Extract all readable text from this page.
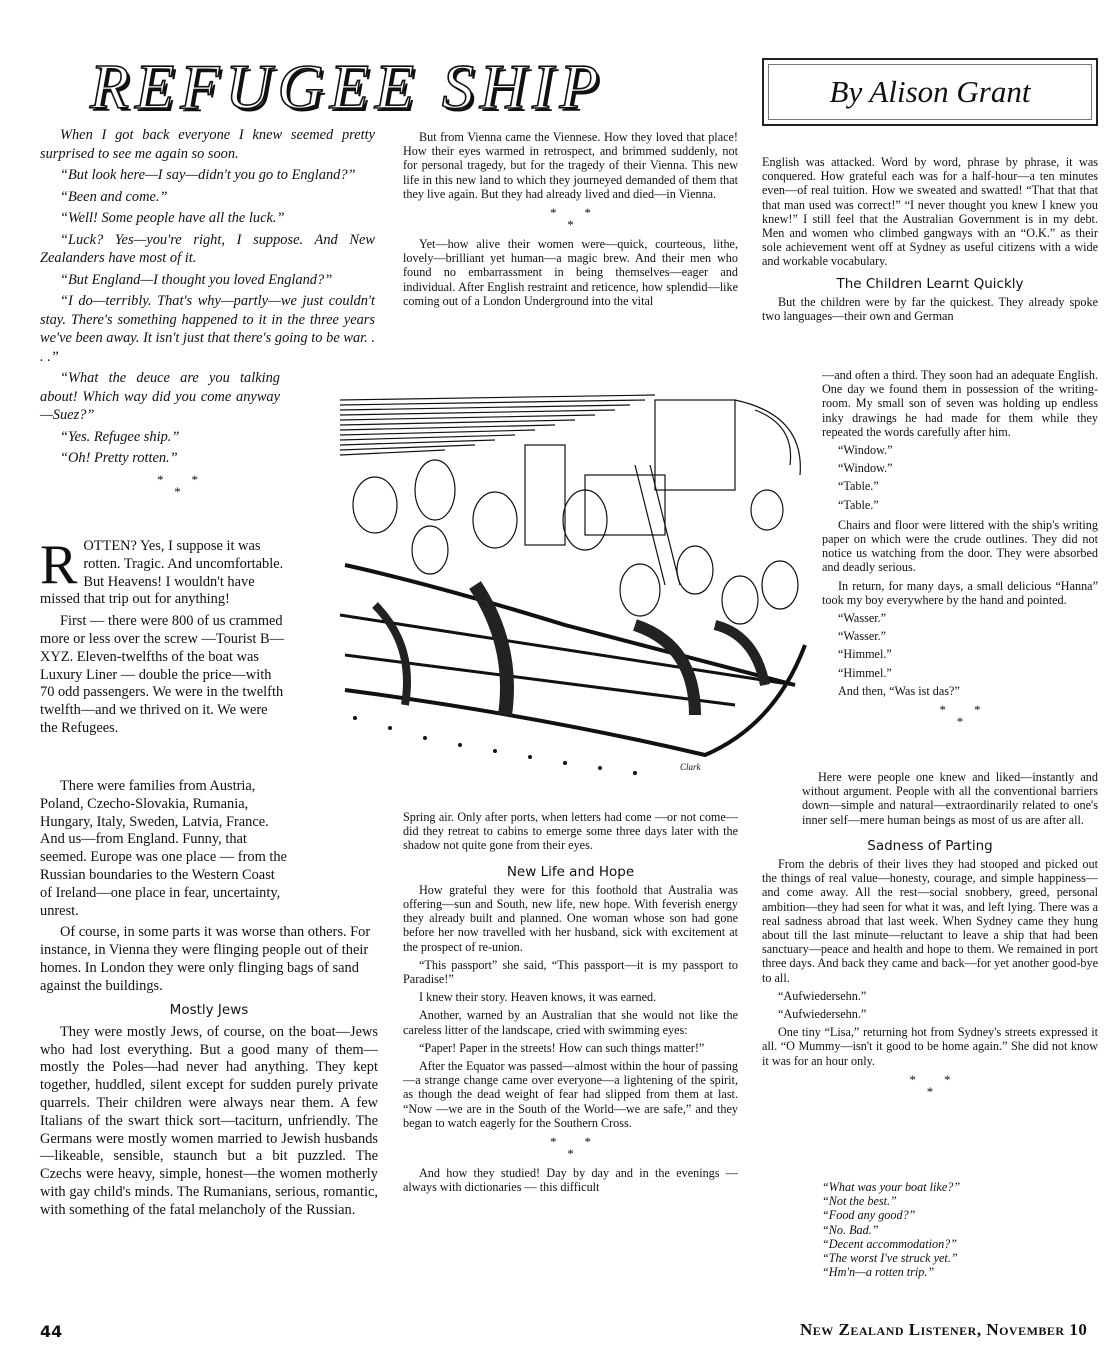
REFUGEE SHIP	By Alison Grant

When I got back everyone I knew seemed pretty surprised to see me again so soon.

“But look here—I say—didn't you go to England?”

“Been and come.”

“Well! Some people have all the luck.”

“Luck? Yes—you're right, I suppose. And New Zealanders have most of it.

“But England—I thought you loved England?”

“I do—terribly. That's why—partly—we just couldn't stay. There's something happened to it in the three years we've been away. It isn't just that there's going to be war. . . .”

“What the deuce are you talking about! Which way did you come anyway—Suez?”

“Yes. Refugee ship.”

“Oh! Pretty rotten.”

**
*

ROTTEN? Yes, I suppose it was rotten. Tragic. And uncomfortable. But Heavens! I wouldn't have missed that trip out for anything!

First — there were 800 of us crammed more or less over the screw —Tourist B—XYZ. Eleven-twelfths of the boat was Luxury Liner — double the price—with 70 odd passengers. We were in the twelfth twelfth—and we thrived on it. We were the Refugees.

There were families from Austria, Poland, Czecho-Slovakia, Rumania, Hungary, Italy, Sweden, Latvia, France. And us—from England. Funny, that seemed. Europe was one place — from the Russian boundaries to the Western Coast of Ireland—one place in fear, uncertainty, unrest.

Of course, in some parts it was worse than others. For instance, in Vienna they were flinging people out of their homes. In London they were only flinging bags of sand against the buildings.

Mostly Jews

They were mostly Jews, of course, on the boat—Jews who had lost everything. But a good many of them—mostly the Poles—had never had anything. They kept together, huddled, silent except for sudden purely private quarrels. Their children were always near them. A few Italians of the swart thick sort—taciturn, unfriendly. The Germans were mostly women married to Jewish husbands—likeable, sensible, staunch but a bit puzzled. The Czechs were heavy, simple, honest—the women motherly with gay child's minds. The Rumanians, serious, romantic, with something of the fatal melancholy of the Russian.

But from Vienna came the Viennese. How they loved that place! How their eyes warmed in retrospect, and brimmed suddenly, not for personal tragedy, but for the tragedy of their Vienna. This new life in this new land to which they journeyed demanded of them that they live again. But they had already lived and died—in Vienna.

**
*

Yet—how alive their women were—quick, courteous, lithe, lovely—brilliant yet human—a magic brew. And their men who found no embarrassment in being themselves—eager and individual. After English restraint and reticence, how splendid—like coming out of a London Underground into the vital

Clark

Spring air. Only after ports, when letters had come —or not come—did they retreat to cabins to emerge some three days later with the shadow not quite gone from their eyes.

New Life and Hope

How grateful they were for this foothold that Australia was offering—sun and South, new life, new hope. With feverish energy they already built and planned. One woman whose son had gone before her now travelled with her husband, sick with excitement at the prospect of re-union.

“This passport” she said, “This passport—it is my passport to Paradise!”

I knew their story. Heaven knows, it was earned.

Another, warned by an Australian that she would not like the careless litter of the landscape, cried with swimming eyes:

“Paper! Paper in the streets! How can such things matter!”

After the Equator was passed—almost within the hour of passing—a strange change came over everyone—a lightening of the spirit, as though the dead weight of fear had slipped from them at last. “Now —we are in the South of the World—we are safe,” and they began to watch eagerly for the Southern Cross.

**
*

And how they studied! Day by day and in the evenings — always with dictionaries — this difficult

English was attacked. Word by word, phrase by phrase, it was conquered. How grateful each was for a half-hour—a ten minutes even—of real tuition. How we sweated and swatted! “That that that that man used was correct!” “I never thought you knew I knew you knew!” I still feel that the Australian Government is in my debt. Men and women who climbed gangways with an “O.K.” as their sole achievement went off at Sydney as useful citizens with a wide and workable vocabulary.

The Children Learnt Quickly

But the children were by far the quickest. They already spoke two languages—their own and German

—and often a third. They soon had an adequate English. One day we found them in possession of the writing-room. My small son of seven was holding up endless inky drawings he had made for them while they repeated the words carefully after him.

“Window.”

“Window.”

“Table.”

“Table.”

Chairs and floor were littered with the ship's writing paper on which were the crude outlines. They did not notice us watching from the door. They were absorbed and deadly serious.

In return, for many days, a small delicious “Hanna” took my boy everywhere by the hand and pointed.

“Wasser.”

“Wasser.”

“Himmel.”

“Himmel.”

And then, “Was ist das?”

**
*

Here were people one knew and liked—instantly and without argument. People with all the conventional barriers down—simple and natural—extraordinarily related to one's inner self—mere human beings as most of us are after all.

Sadness of Parting

From the debris of their lives they had stooped and picked out the things of real value—honesty, courage, and simple happiness—and come away. All the rest—social snobbery, greed, personal ambition—they had seen for what it was, and left lying. There was a real sadness abroad that last week. When Sydney came they hung about till the last minute—reluctant to leave a ship that had been sanctuary—peace and health and hope to them. We remained in port three days. And back they came and back—for yet another good-bye to all.

“Aufwiedersehn.”

“Aufwiedersehn.”

One tiny “Lisa,” returning hot from Sydney's streets expressed it all. “O Mummy—isn't it good to be home again.” She did not know it was for an hour only.

**
*
“What was your boat like?”
“Not the best.”
“Food any good?”
“No. Bad.”
“Decent accommodation?”
“The worst I've struck yet.”
“Hm'n—a rotten trip.”
44	New Zealand Listener, November 10
